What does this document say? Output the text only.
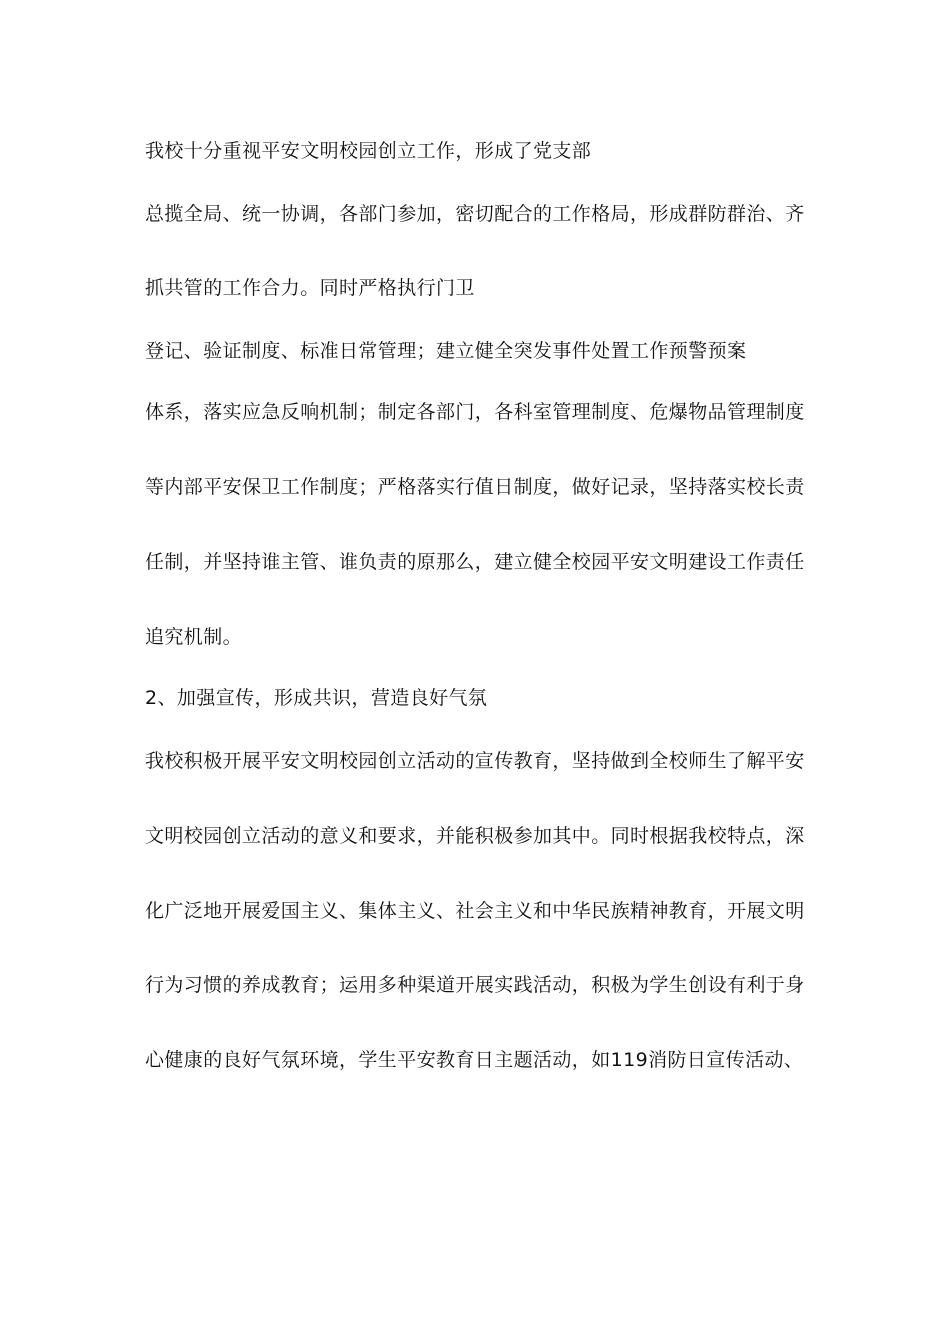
我校十分重视平安文明校园创立工作，形成了党支部
总揽全局、统一协调，各部门参加，密切配合的工作格局，形成群防群治、齐
抓共管的工作合力。同时严格执行门卫
登记、验证制度、标准日常管理；建立健全突发事件处置工作预警预案
体系，落实应急反响机制；制定各部门，各科室管理制度、危爆物品管理制度
等内部平安保卫工作制度；严格落实行值日制度，做好记录，坚持落实校长责
任制，并坚持谁主管、谁负责的原那么，建立健全校园平安文明建设工作责任
追究机制。
2、加强宣传，形成共识，营造良好气氛
我校积极开展平安文明校园创立活动的宣传教育，坚持做到全校师生了解平安
文明校园创立活动的意义和要求，并能积极参加其中。同时根据我校特点，深
化广泛地开展爱国主义、集体主义、社会主义和中华民族精神教育，开展文明
行为习惯的养成教育；运用多种渠道开展实践活动，积极为学生创设有利于身
心健康的良好气氛环境，学生平安教育日主题活动，如119消防日宣传活动、
